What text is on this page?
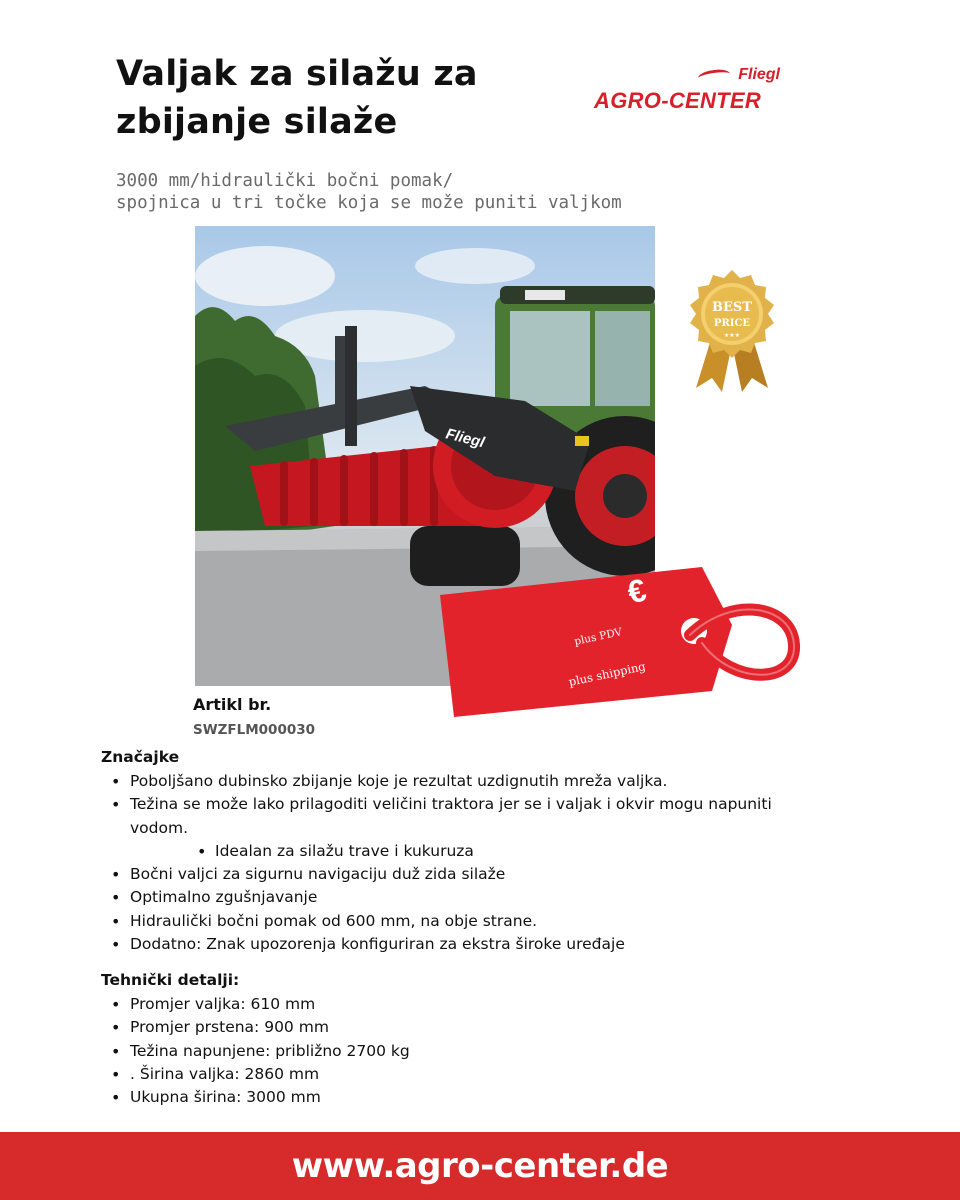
Valjak za silažu za zbijanje silaže
3000 mm/hidraulički bočni pomak/
spojnica u tri točke koja se može puniti valjkom
Fliegl
AGRO-CENTER
Fliegl
BEST
PRICE
★★★
€
plus PDV
plus shipping
Artikl br.
SWZFLM000030
Značajke
• Poboljšano dubinsko zbijanje koje je rezultat uzdignutih mreža valjka.
• Težina se može lako prilagoditi veličini traktora jer se i valjak i okvir mogu napuniti vodom.
• Idealan za silažu trave i kukuruza
• Bočni valjci za sigurnu navigaciju duž zida silaže
• Optimalno zgušnjavanje
• Hidraulički bočni pomak od 600 mm, na obje strane.
• Dodatno: Znak upozorenja konfiguriran za ekstra široke uređaje
Tehnički detalji:
• Promjer valjka: 610 mm
• Promjer prstena: 900 mm
• Težina napunjene: približno 2700 kg
• . Širina valjka: 2860 mm
• Ukupna širina: 3000 mm
www.agro-center.de
